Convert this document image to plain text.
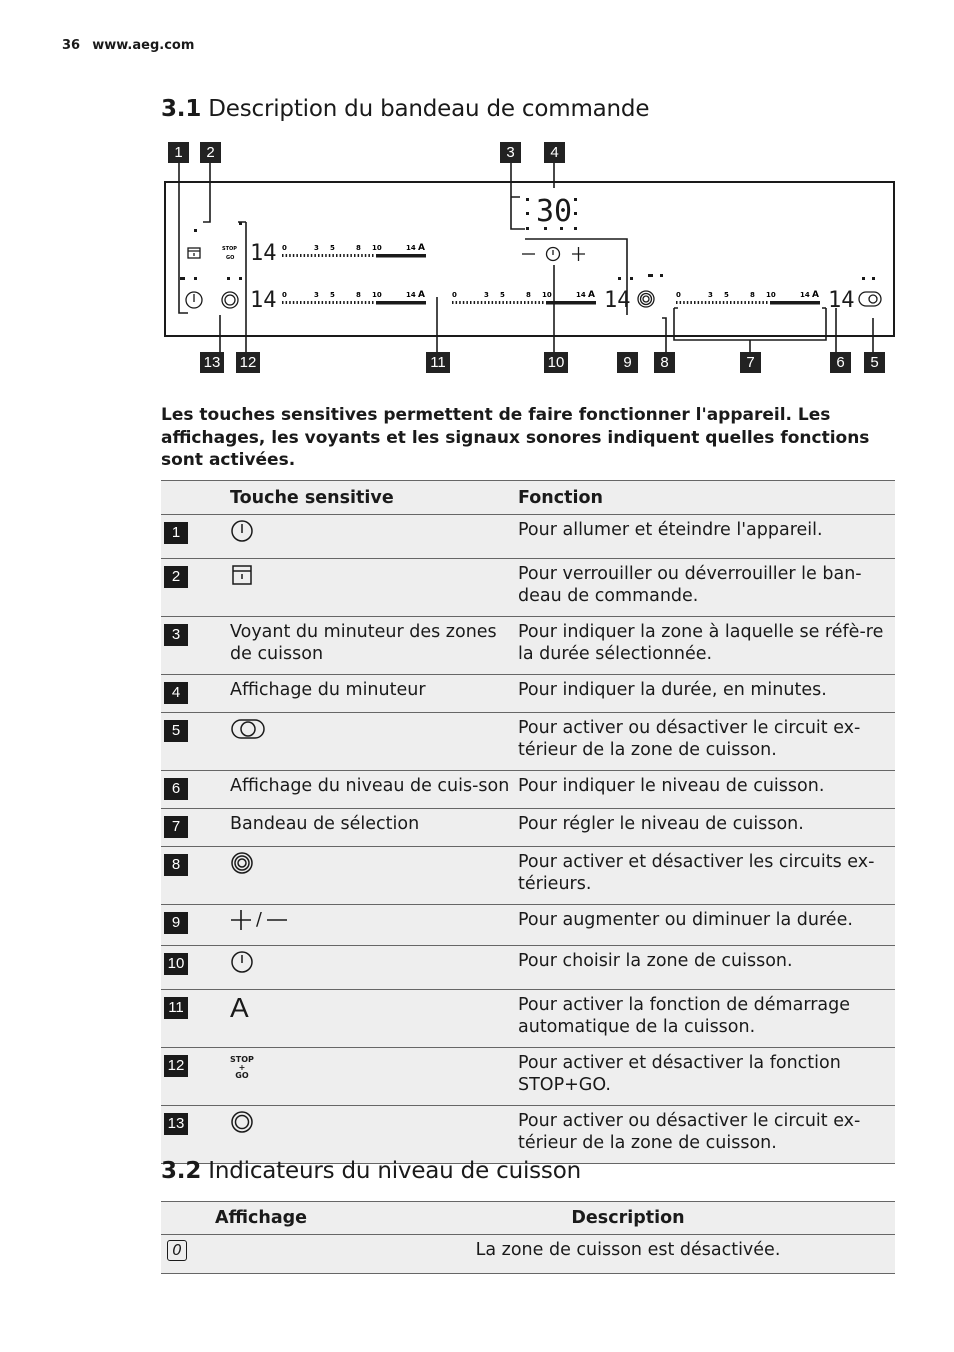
36 www.aeg.com
3.1 Description du bandeau de commande
30
14
14	14	14
STOP
GO
0	3 5	8 10	14 A
0	3 5	8 10	14 A	0	3 5	8 10	14 A	0	3 5	8 10	14 A
1	2	3	4
5
6
7
8
9
10
11
12
13
Les touches sensitives permettent de faire fonctionner l'appareil. Les affichages, les voyants et les signaux sonores indiquent quelles fonctions sont activées.
	Touche sensitive	Fonction
1		Pour allumer et éteindre l'appareil.
2		Pour verrouiller ou déverrouiller le ban-deau de commande.
3	Voyant du minuteur des zones de cuisson	Pour indiquer la zone à laquelle se réfè-re la durée sélectionnée.
4	Affichage du minuteur	Pour indiquer la durée, en minutes.
5		Pour activer ou désactiver le circuit ex-térieur de la zone de cuisson.
6	Affichage du niveau de cuis-son	Pour indiquer le niveau de cuisson.
7	Bandeau de sélection	Pour régler le niveau de cuisson.
8		Pour activer et désactiver les circuits ex-térieurs.
9	/	Pour augmenter ou diminuer la durée.
10		Pour choisir la zone de cuisson.
11	A	Pour activer la fonction de démarrage automatique de la cuisson.
12	STOP
+
GO	Pour activer et désactiver la fonction STOP+GO.
13		Pour activer ou désactiver le circuit ex-térieur de la zone de cuisson.
3.2 Indicateurs du niveau de cuisson
Affichage	Description
0	La zone de cuisson est désactivée.
